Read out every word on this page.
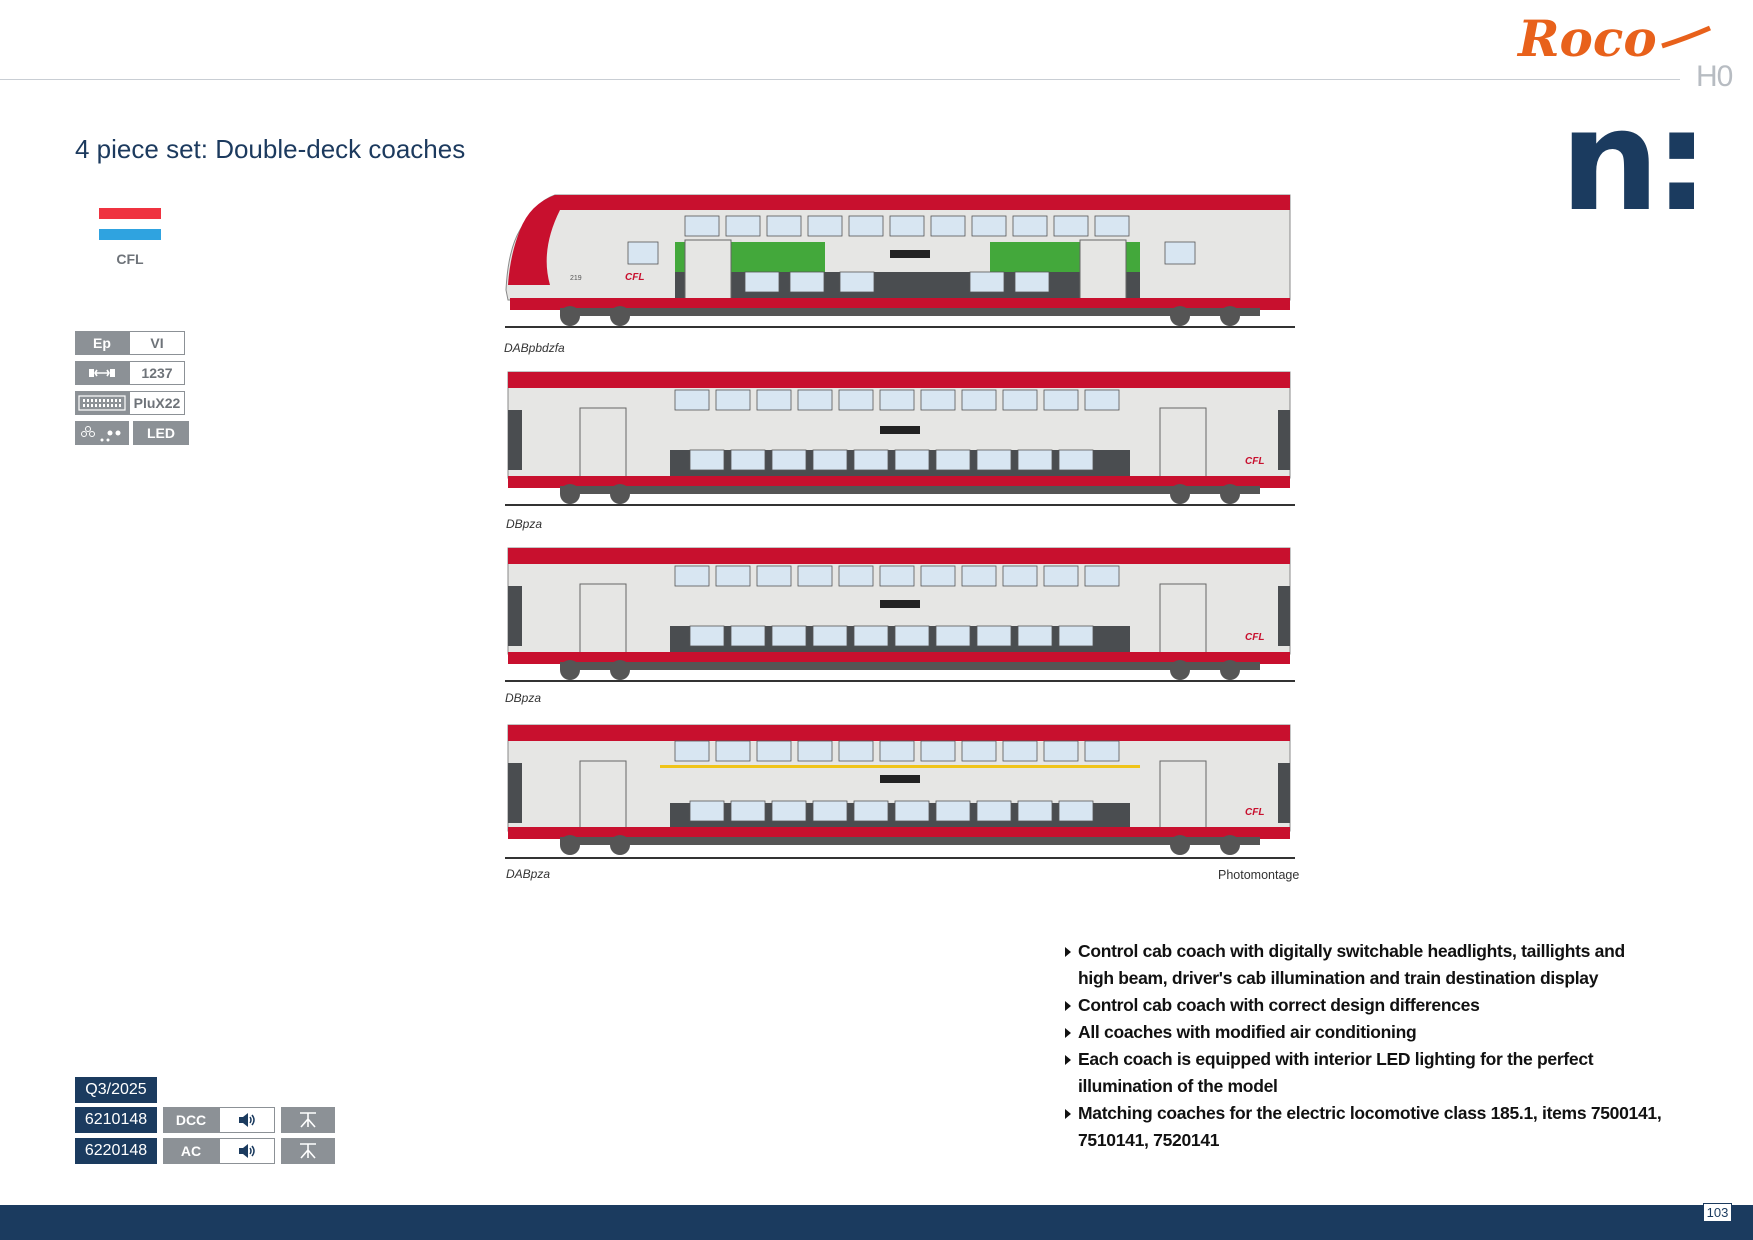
Roco
H0
n:
4 piece set: Double-deck coaches
CFL
Ep	VI
1237
PluX22
LED
CFL
219
DABpbdzfa
CFL
DBpza
CFL
DBpza
CFL
DABpza	Photomontage
Control cab coach with digitally switchable headlights, taillights and high beam, driver's cab illumination and train destination display
Control cab coach with correct design differences
All coaches with modified air conditioning
Each coach is equipped with interior LED lighting for the perfect illumination of the model
Matching coaches for the electric locomotive class 185.1, items 7500141, 7510141, 7520141
Q3/2025
6210148	DCC
6220148	AC
103
